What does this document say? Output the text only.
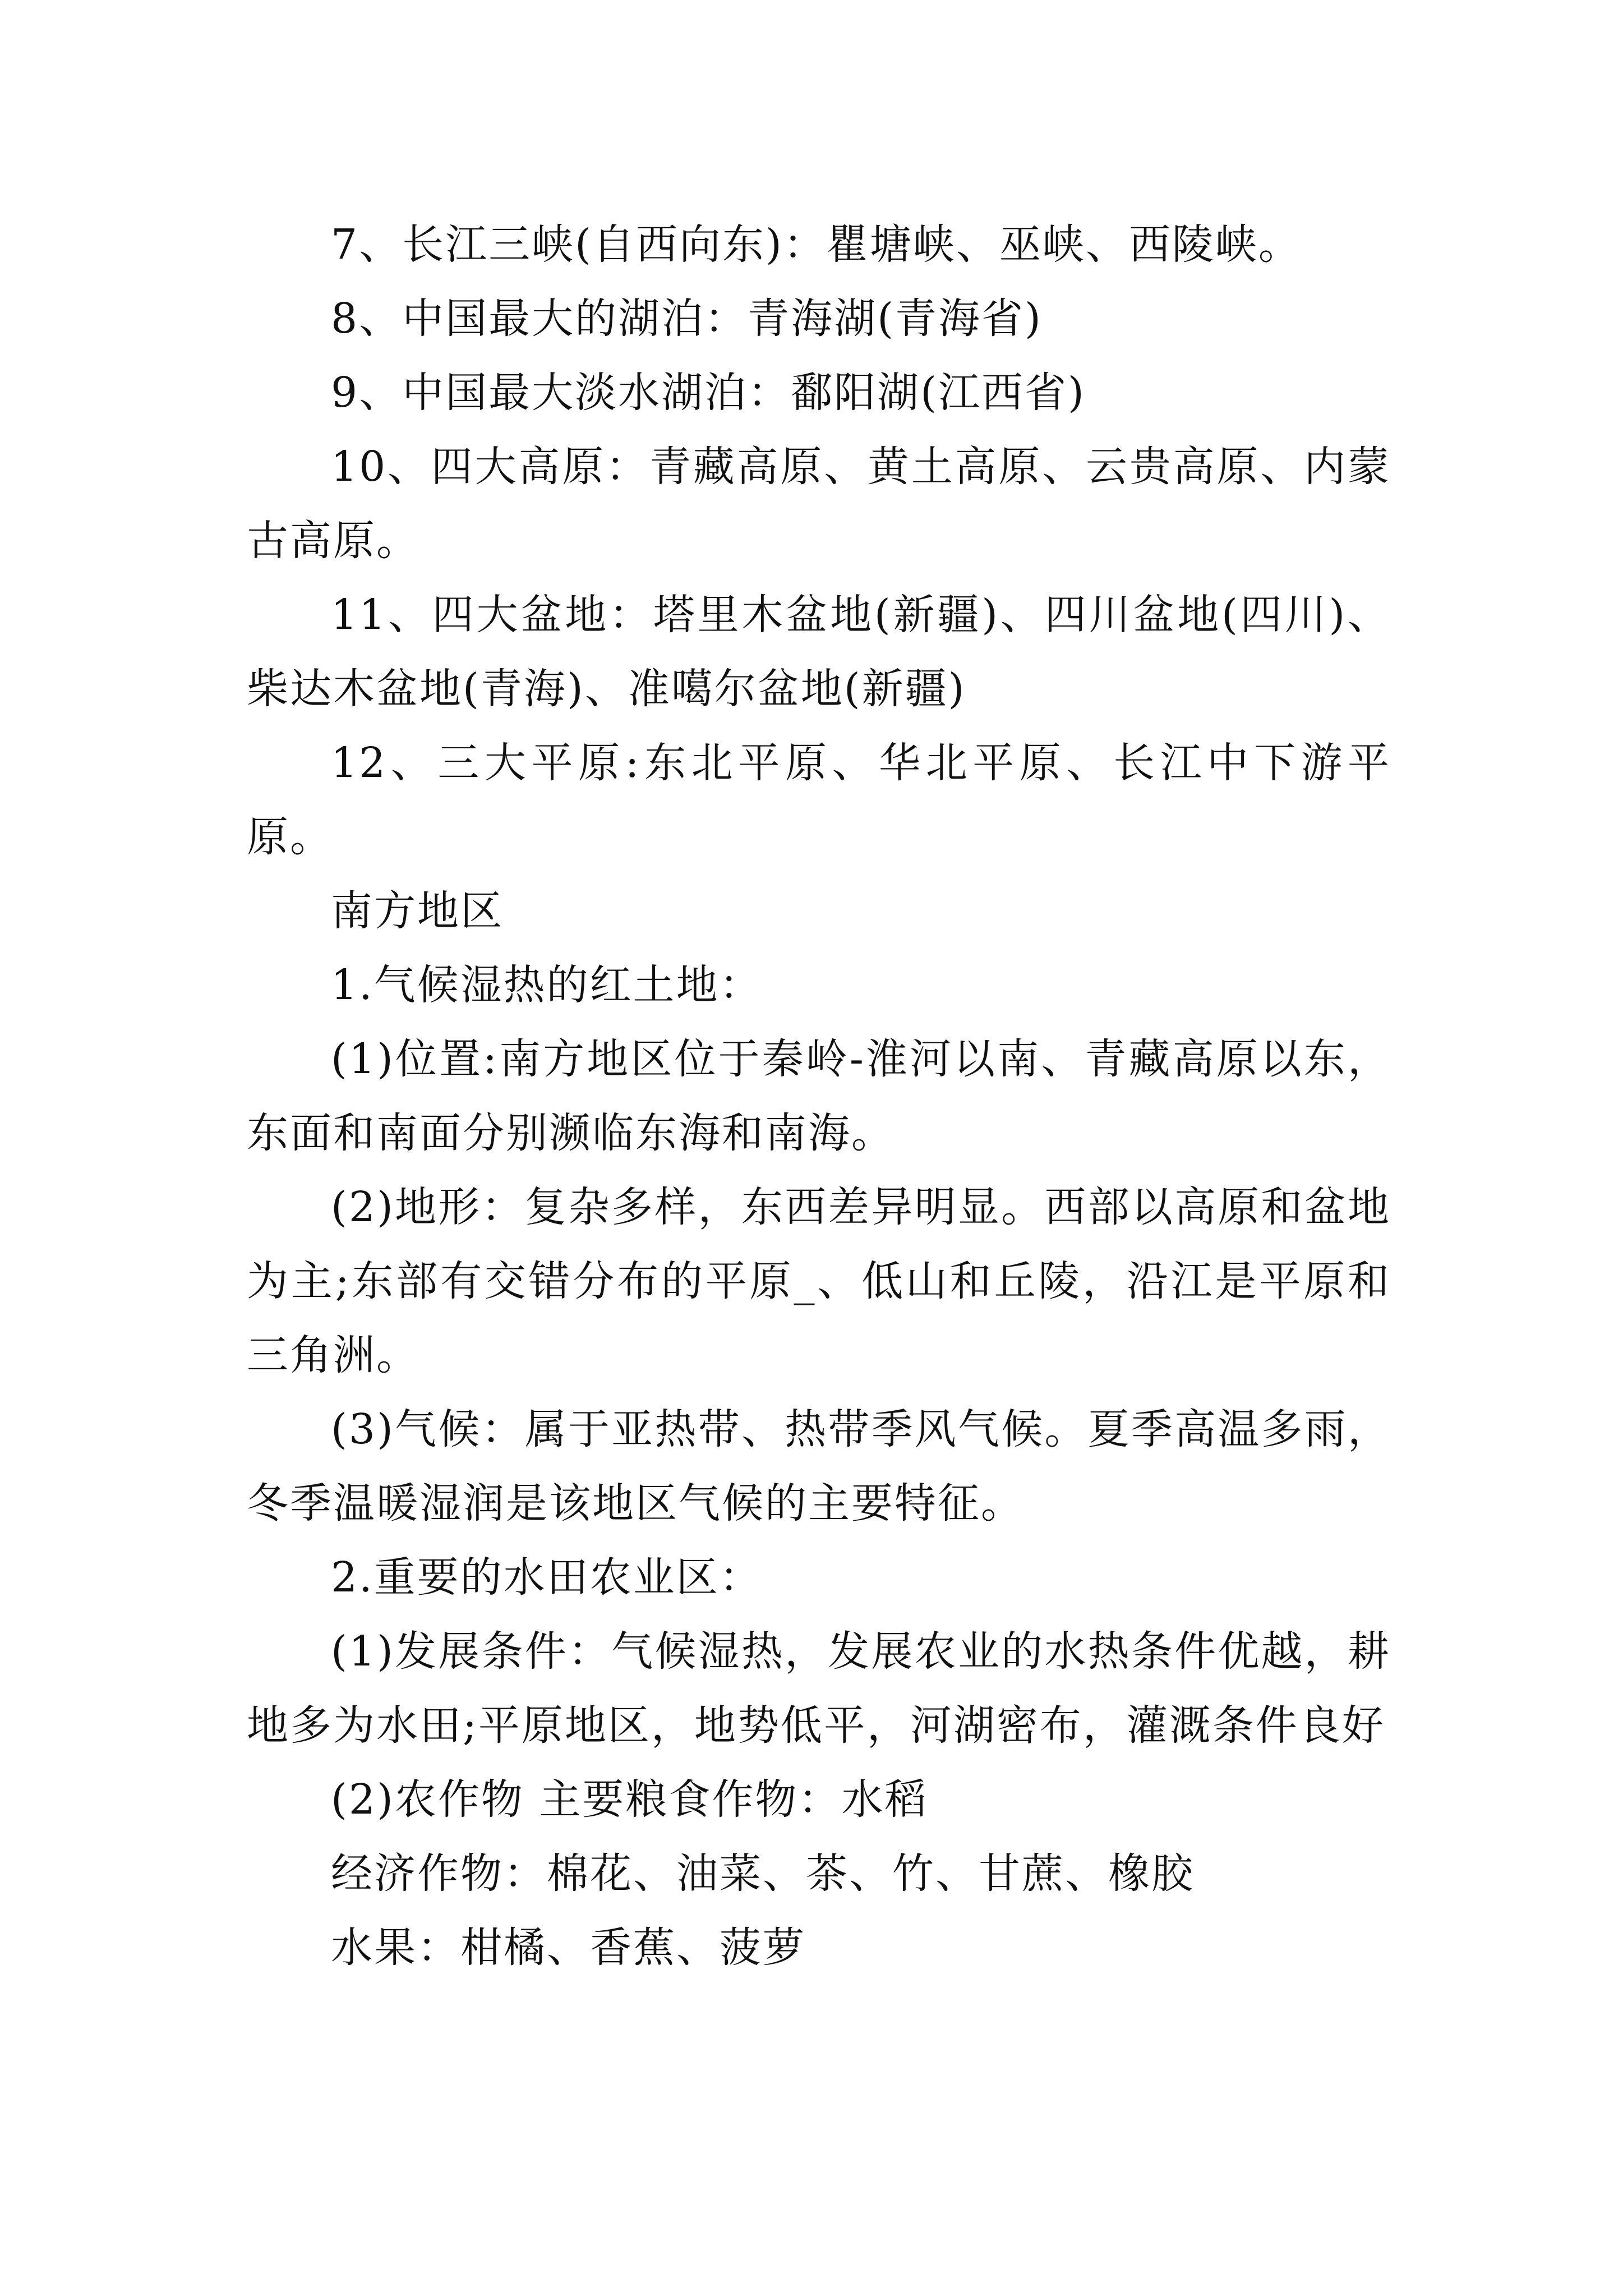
7、长江三峡(自西向东)：瞿塘峡、巫峡、西陵峡。

8、中国最大的湖泊：青海湖(青海省)

9、中国最大淡水湖泊：鄱阳湖(江西省)

10、四大高原：青藏高原、黄土高原、云贵高原、内蒙古高原。

11、四大盆地：塔里木盆地(新疆)、四川盆地(四川)、柴达木盆地(青海)、准噶尔盆地(新疆)

12、三大平原:东北平原、华北平原、长江中下游平原。

南方地区

1.气候湿热的红土地：

(1)位置:南方地区位于秦岭-淮河以南、青藏高原以东，东面和南面分别濒临东海和南海。

(2)地形：复杂多样，东西差异明显。西部以高原和盆地为主;东部有交错分布的平原_、低山和丘陵，沿江是平原和三角洲。

(3)气候：属于亚热带、热带季风气候。夏季高温多雨，冬季温暖湿润是该地区气候的主要特征。

2.重要的水田农业区：

(1)发展条件：气候湿热，发展农业的水热条件优越，耕地多为水田;平原地区，地势低平，河湖密布，灌溉条件良好

(2)农作物 主要粮食作物：水稻

经济作物：棉花、油菜、茶、竹、甘蔗、橡胶

水果：柑橘、香蕉、菠萝
